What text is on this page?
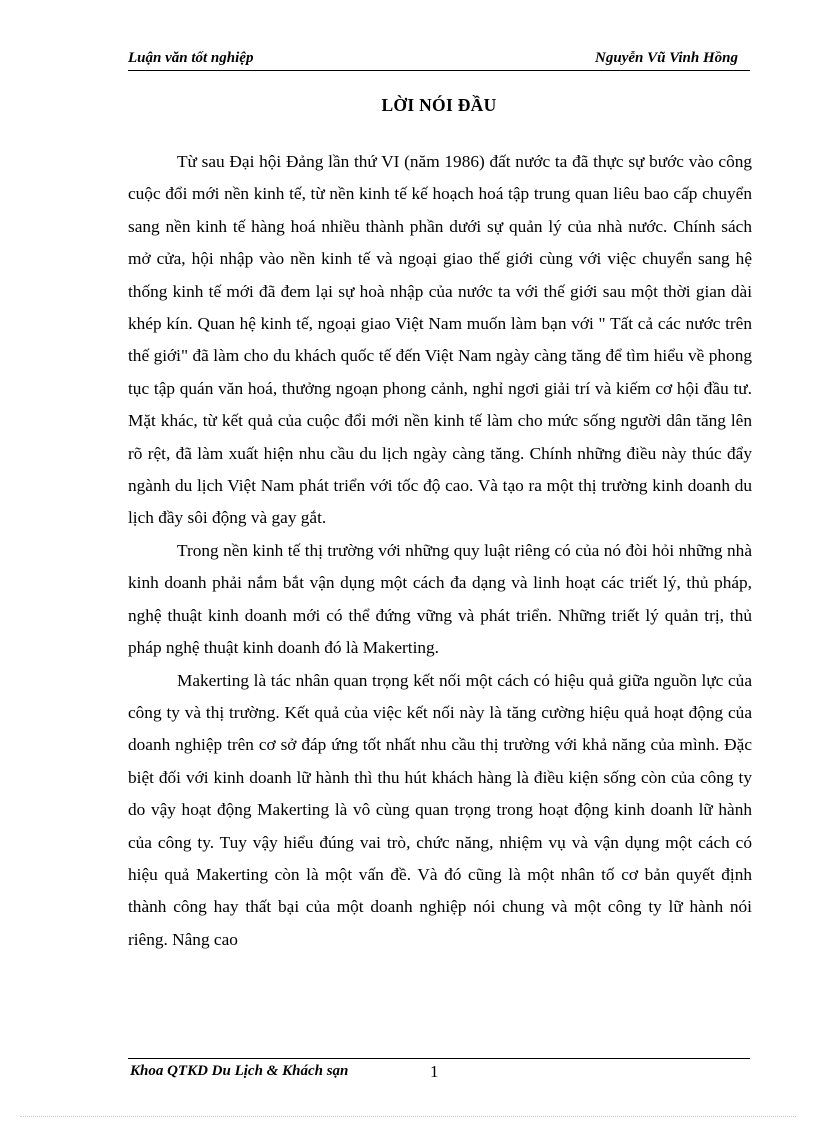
Luận văn tốt nghiệp	Nguyễn Vũ Vinh Hồng
LỜI NÓI ĐẦU

Từ sau Đại hội Đảng lần thứ VI (năm 1986) đất nước ta đã thực sự bước vào công cuộc đổi mới nền kinh tế, từ nền kinh tế kế hoạch hoá tập trung quan liêu bao cấp chuyển sang nền kinh tế hàng hoá nhiều thành phần dưới sự quản lý của nhà nước. Chính sách mở cửa, hội nhập vào nền kinh tế và ngoại giao thế giới cùng với việc chuyển sang hệ thống kinh tế mới đã đem lại sự hoà nhập của nước ta với thế giới sau một thời gian dài khép kín. Quan hệ kinh tế, ngoại giao Việt Nam muốn làm bạn với " Tất cả các nước trên thế giới" đã làm cho du khách quốc tế đến Việt Nam ngày càng tăng để tìm hiểu về phong tục tập quán văn hoá, thưởng ngoạn phong cảnh, nghỉ ngơi giải trí và kiếm cơ hội đầu tư. Mặt khác, từ kết quả của cuộc đổi mới nền kinh tế làm cho mức sống người dân tăng lên rõ rệt, đã làm xuất hiện nhu cầu du lịch ngày càng tăng. Chính những điều này thúc đẩy ngành du lịch Việt Nam phát triển với tốc độ cao. Và tạo ra một thị trường kinh doanh du lịch đầy sôi động và gay gắt.

Trong nền kinh tế thị trường với những quy luật riêng có của nó đòi hỏi những nhà kinh doanh phải nắm bắt vận dụng một cách đa dạng và linh hoạt các triết lý, thủ pháp, nghệ thuật kinh doanh mới có thể đứng vững và phát triển. Những triết lý quản trị, thủ pháp nghệ thuật kinh doanh đó là Makerting.

Makerting là tác nhân quan trọng kết nối một cách có hiệu quả giữa nguồn lực của công ty và thị trường. Kết quả của việc kết nối này là tăng cường hiệu quả hoạt động của doanh nghiệp trên cơ sở đáp ứng tốt nhất nhu cầu thị trường với khả năng của mình. Đặc biệt đối với kinh doanh lữ hành thì thu hút khách hàng là điều kiện sống còn của công ty do vậy hoạt động Makerting là vô cùng quan trọng trong hoạt động kinh doanh lữ hành của công ty. Tuy vậy hiểu đúng vai trò, chức năng, nhiệm vụ và vận dụng một cách có hiệu quả Makerting còn là một vấn đề. Và đó cũng là một nhân tố cơ bản quyết định thành công hay thất bại của một doanh nghiệp nói chung và một công ty lữ hành nói riêng. Nâng cao

Khoa QTKD Du Lịch & Khách sạn	1
